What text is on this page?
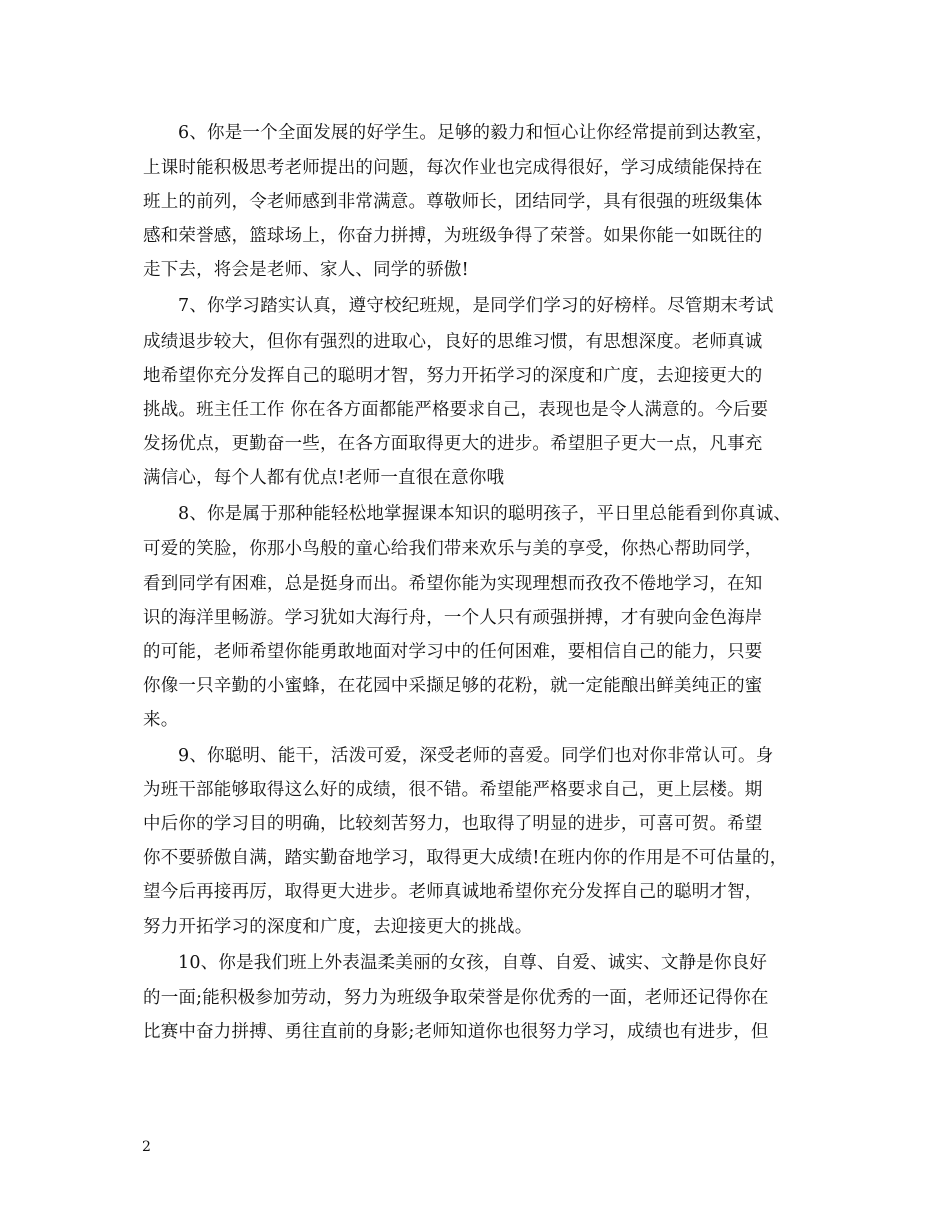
6、你是一个全面发展的好学生。足够的毅力和恒心让你经常提前到达教室，
上课时能积极思考老师提出的问题，每次作业也完成得很好，学习成绩能保持在
班上的前列，令老师感到非常满意。尊敬师长，团结同学，具有很强的班级集体
感和荣誉感，篮球场上，你奋力拼搏，为班级争得了荣誉。如果你能一如既往的
走下去，将会是老师、家人、同学的骄傲!
7、你学习踏实认真，遵守校纪班规，是同学们学习的好榜样。尽管期末考试
成绩退步较大，但你有强烈的进取心，良好的思维习惯，有思想深度。老师真诚
地希望你充分发挥自己的聪明才智，努力开拓学习的深度和广度，去迎接更大的
挑战。班主任工作 你在各方面都能严格要求自己，表现也是令人满意的。今后要
发扬优点，更勤奋一些，在各方面取得更大的进步。希望胆子更大一点，凡事充
满信心，每个人都有优点!老师一直很在意你哦
8、你是属于那种能轻松地掌握课本知识的聪明孩子，平日里总能看到你真诚、
可爱的笑脸，你那小鸟般的童心给我们带来欢乐与美的享受，你热心帮助同学，
看到同学有困难，总是挺身而出。希望你能为实现理想而孜孜不倦地学习，在知
识的海洋里畅游。学习犹如大海行舟，一个人只有顽强拼搏，才有驶向金色海岸
的可能，老师希望你能勇敢地面对学习中的任何困难，要相信自己的能力，只要
你像一只辛勤的小蜜蜂，在花园中采撷足够的花粉，就一定能酿出鲜美纯正的蜜
来。
9、你聪明、能干，活泼可爱，深受老师的喜爱。同学们也对你非常认可。身
为班干部能够取得这么好的成绩，很不错。希望能严格要求自己，更上层楼。期
中后你的学习目的明确，比较刻苦努力，也取得了明显的进步，可喜可贺。希望
你不要骄傲自满，踏实勤奋地学习，取得更大成绩!在班内你的作用是不可估量的，
望今后再接再厉，取得更大进步。老师真诚地希望你充分发挥自己的聪明才智，
努力开拓学习的深度和广度，去迎接更大的挑战。
10、你是我们班上外表温柔美丽的女孩，自尊、自爱、诚实、文静是你良好
的一面;能积极参加劳动，努力为班级争取荣誉是你优秀的一面，老师还记得你在
比赛中奋力拼搏、勇往直前的身影;老师知道你也很努力学习，成绩也有进步，但
2
